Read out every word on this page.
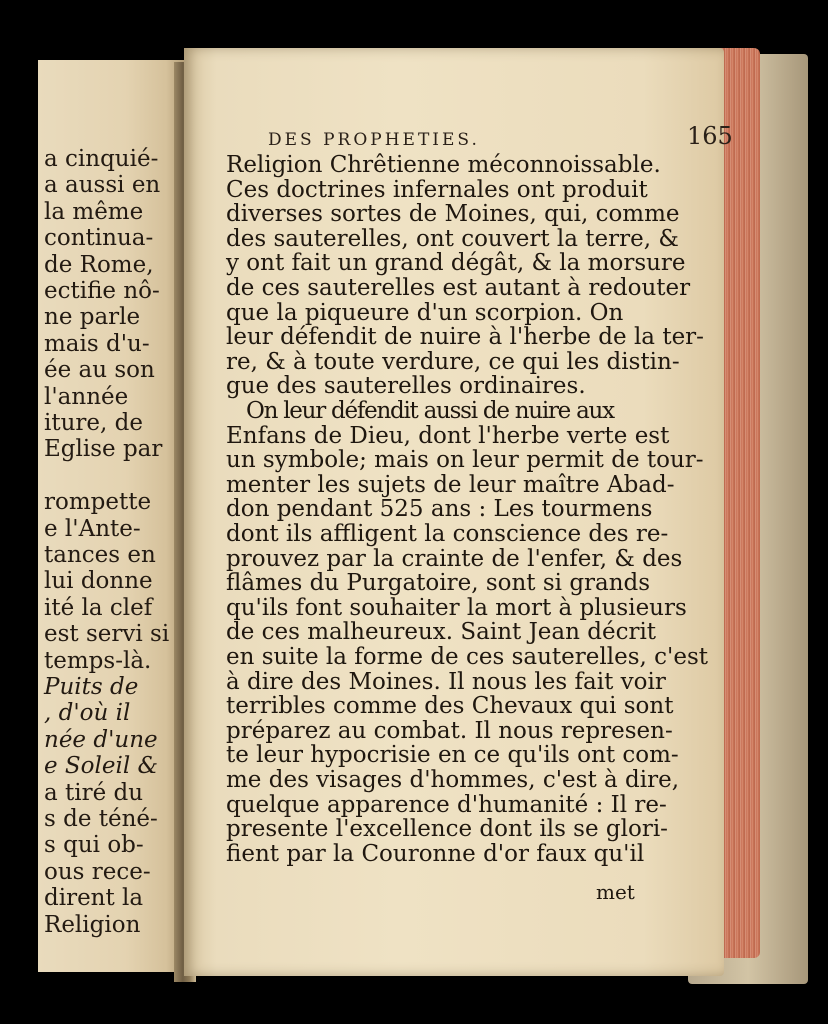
a cinquié-
a aussi en
la même
continua-
de Rome,
ectifie nô-
ne parle
mais d'u-
ée au son
l'année
iture, de
Eglise par
rompette
e l'Ante-
tances en
lui donne
ité la clef
est servi si
temps-là.
Puits de
, d'où il
née d'une
e Soleil &
a tiré du
s de téné-
s qui ob-
ous rece-
dirent la
Religion
DES PROPHETIES.	165
met
Religion Chrêtienne méconnoissable.
Ces doctrines infernales ont produit
diverses sortes de Moines, qui, comme
des sauterelles, ont couvert la terre, &
y ont fait un grand dégât, & la morsure
de ces sauterelles est autant à redouter
que la piqueure d'un scorpion. On
leur défendit de nuire à l'herbe de la ter-
re, & à toute verdure, ce qui les distin-
gue des sauterelles ordinaires.
On leur défendit aussi de nuire aux
Enfans de Dieu, dont l'herbe verte est
un symbole; mais on leur permit de tour-
menter les sujets de leur maître Abad-
don pendant 525 ans : Les tourmens
dont ils affligent la conscience des re-
prouvez par la crainte de l'enfer, & des
flâmes du Purgatoire, sont si grands
qu'ils font souhaiter la mort à plusieurs
de ces malheureux. Saint Jean décrit
en suite la forme de ces sauterelles, c'est
à dire des Moines. Il nous les fait voir
terribles comme des Chevaux qui sont
préparez au combat. Il nous represen-
te leur hypocrisie en ce qu'ils ont com-
me des visages d'hommes, c'est à dire,
quelque apparence d'humanité : Il re-
presente l'excellence dont ils se glori-
fient par la Couronne d'or faux qu'il
